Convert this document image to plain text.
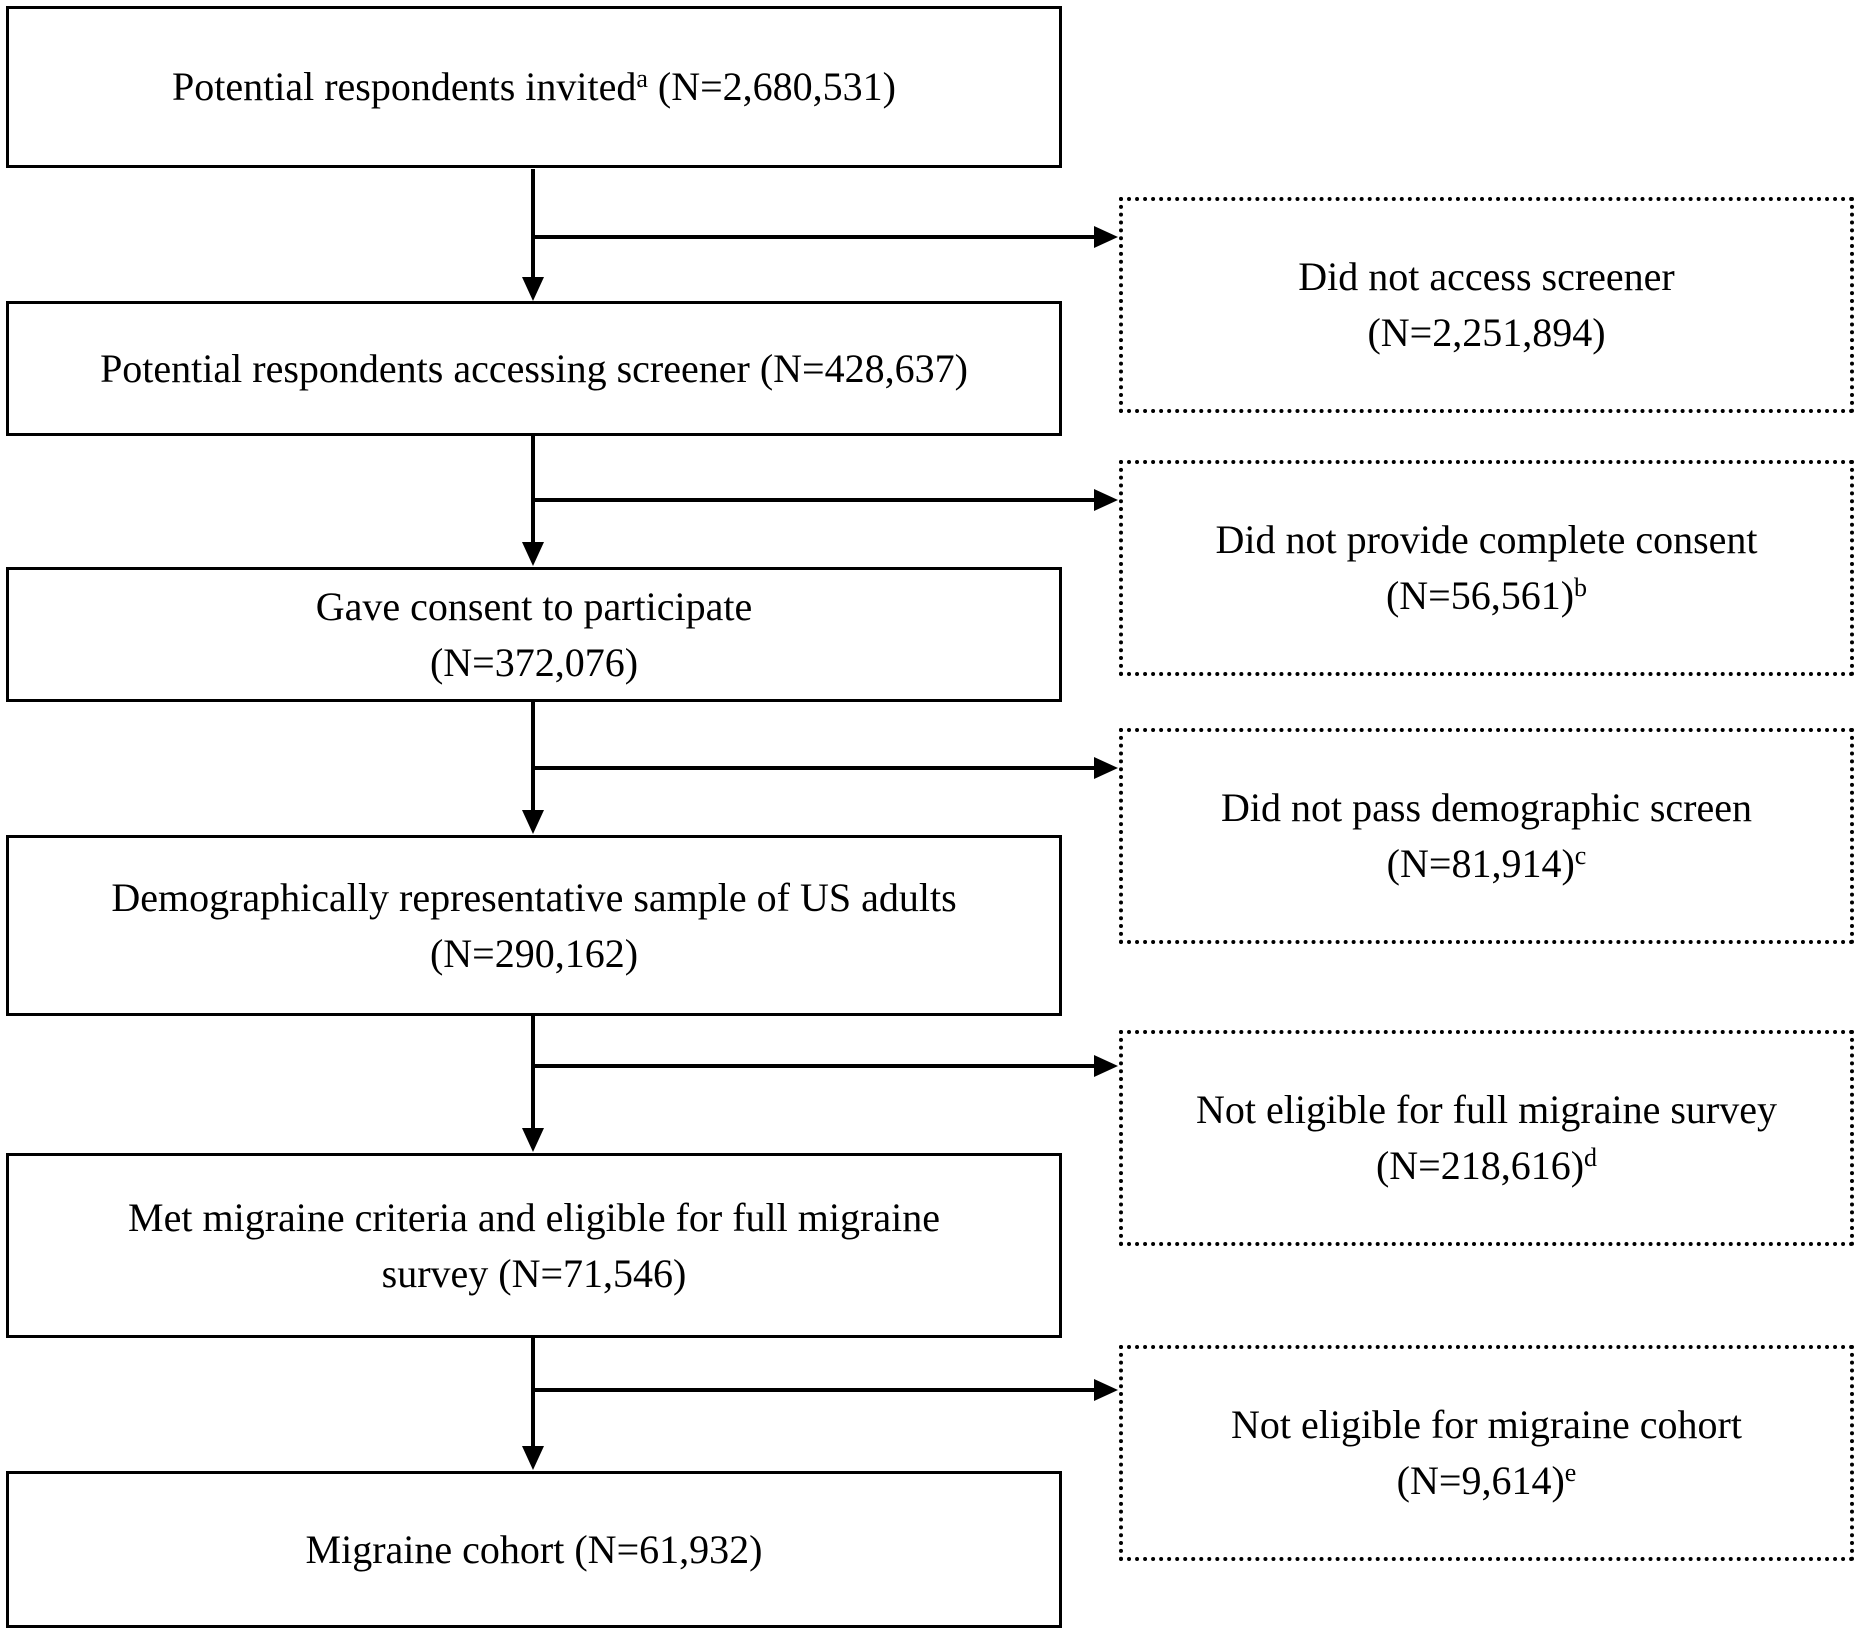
Potential respondents invited$^a$ (N=2,680,531)
Potential respondents accessing screener (N=428,637)
Gave consent to participate
(N=372,076)
Demographically representative sample of US adults
(N=290,162)
Met migraine criteria and eligible for full migraine
survey (N=71,546)
Migraine cohort (N=61,932)
Did not access screener
(N=2,251,894)
Did not provide complete consent
(N=56,561)$^b$
Did not pass demographic screen
(N=81,914)$^c$
Not eligible for full migraine survey
(N=218,616)$^d$
Not eligible for migraine cohort
(N=9,614)$^e$
